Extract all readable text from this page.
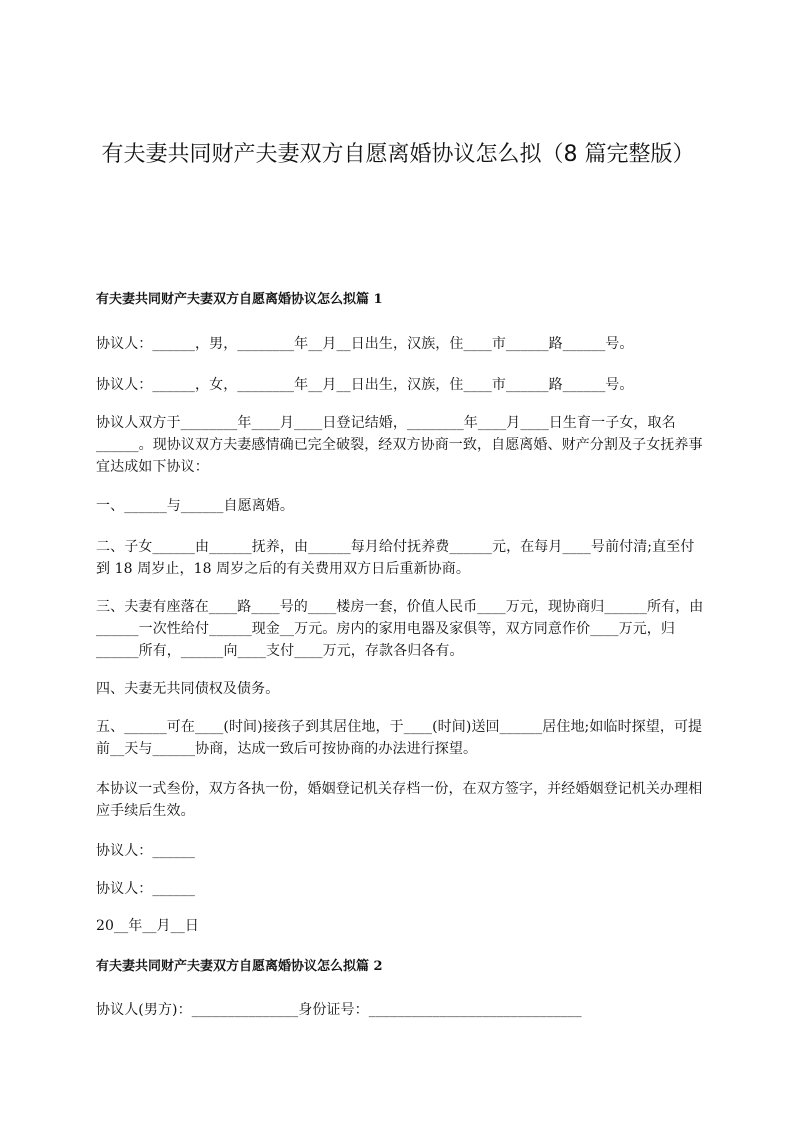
有夫妻共同财产夫妻双方自愿离婚协议怎么拟（8 篇完整版）
有夫妻共同财产夫妻双方自愿离婚协议怎么拟篇 1

协议人：______，男，________年__月__日出生，汉族，住____市______路______号。

协议人：______，女，________年__月__日出生，汉族，住____市______路______号。

协议人双方于________年____月____日登记结婚，________年____月____日生育一子女，取名______。现协议双方夫妻感情确已完全破裂，经双方协商一致，自愿离婚、财产分割及子女抚养事宜达成如下协议：

一、______与______自愿离婚。

二、子女______由______抚养，由______每月给付抚养费______元，在每月____号前付清;直至付到 18 周岁止，18 周岁之后的有关费用双方日后重新协商。

三、夫妻有座落在____路____号的____楼房一套，价值人民币____万元，现协商归______所有，由______一次性给付______现金__万元。房内的家用电器及家俱等，双方同意作价____万元，归______所有，______向____支付____万元，存款各归各有。

四、夫妻无共同债权及债务。

五、______可在____(时间)接孩子到其居住地，于____(时间)送回______居住地;如临时探望，可提前__天与______协商，达成一致后可按协商的办法进行探望。

本协议一式叁份，双方各执一份，婚姻登记机关存档一份，在双方签字，并经婚姻登记机关办理相应手续后生效。

协议人：______

协议人：______

20__年__月__日

有夫妻共同财产夫妻双方自愿离婚协议怎么拟篇 2

协议人(男方)：_______________身份证号：______________________________
